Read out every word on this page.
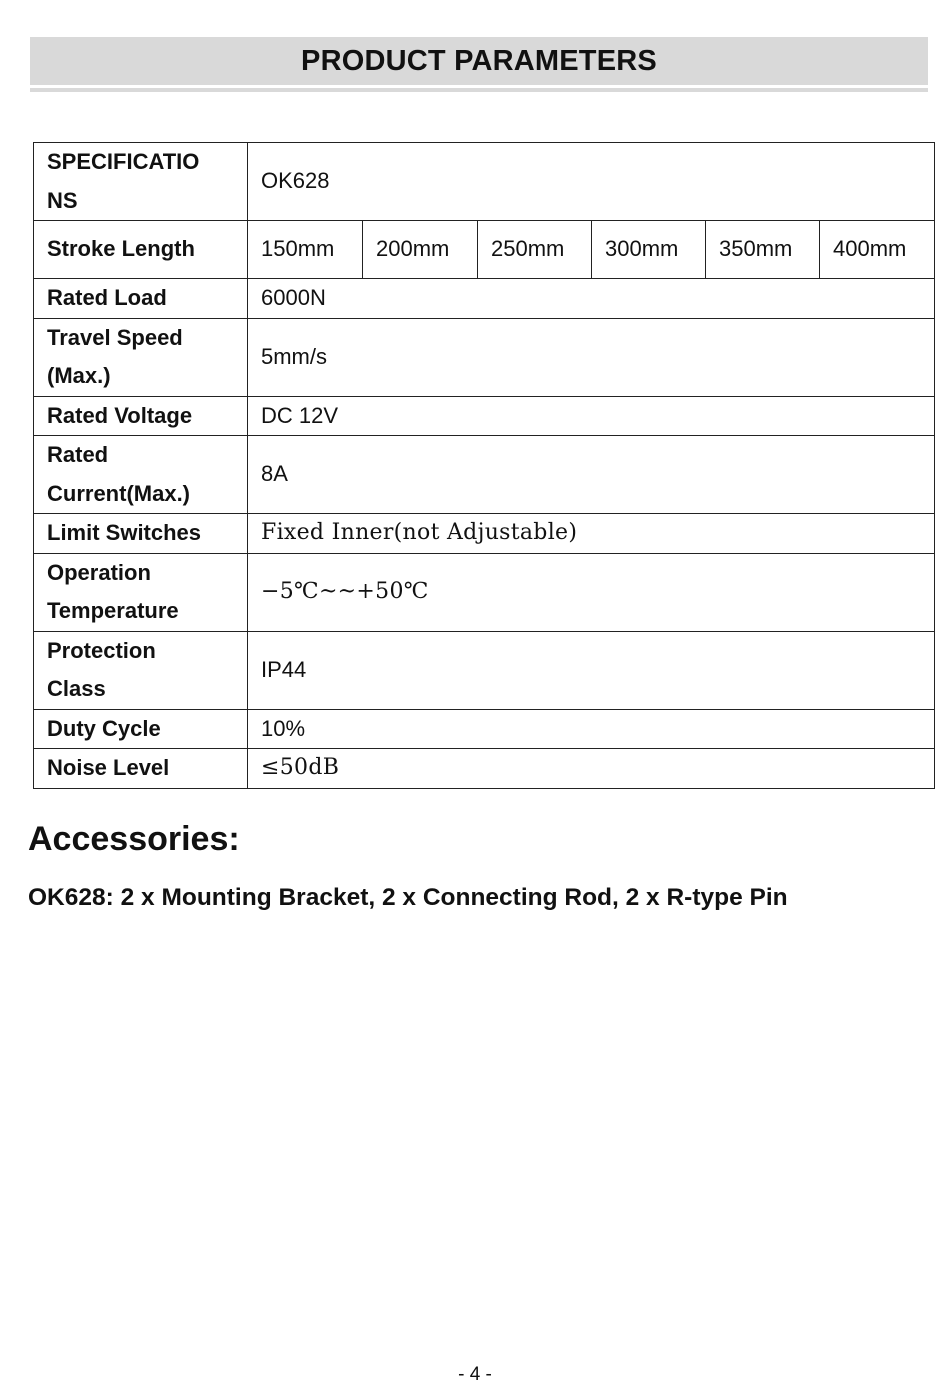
PRODUCT PARAMETERS
SPECIFICATIO
NS	OK628					
Stroke Length	150mm	200mm	250mm	300mm	350mm	400mm
Rated Load	6000N					
Travel Speed
(Max.)	5mm/s					
Rated Voltage	DC 12V					
Rated
Current(Max.)	8A					
Limit Switches	Fixed Inner(not Adjustable)					
Operation
Temperature	−5℃~~+50℃					
Protection
Class	IP44					
Duty Cycle	10%					
Noise Level	≤50dB					
Accessories:

OK628: 2 x Mounting Bracket, 2 x Connecting Rod, 2 x R-type Pin

- 4 -
